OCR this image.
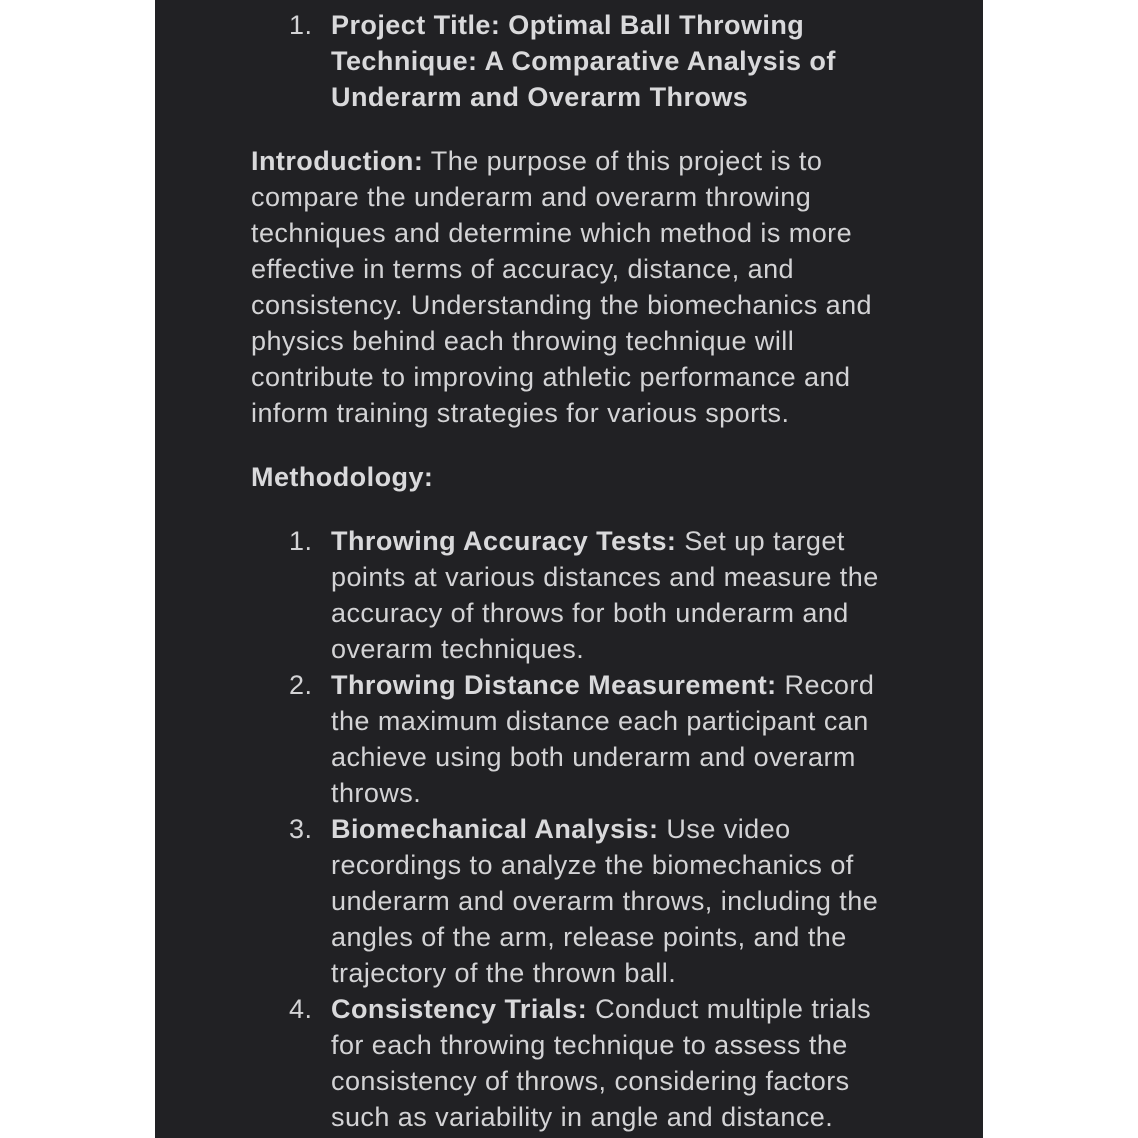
1. Project Title: Optimal Ball Throwing Technique: A Comparative Analysis of Underarm and Overarm Throws

Introduction: The purpose of this project is to compare the underarm and overarm throwing techniques and determine which method is more effective in terms of accuracy, distance, and consistency. Understanding the biomechanics and physics behind each throwing technique will contribute to improving athletic performance and inform training strategies for various sports.

Methodology:

1. Throwing Accuracy Tests: Set up target points at various distances and measure the accuracy of throws for both underarm and overarm techniques.
2. Throwing Distance Measurement: Record the maximum distance each participant can achieve using both underarm and overarm throws.
3. Biomechanical Analysis: Use video recordings to analyze the biomechanics of underarm and overarm throws, including the angles of the arm, release points, and the trajectory of the thrown ball.
4. Consistency Trials: Conduct multiple trials for each throwing technique to assess the consistency of throws, considering factors such as variability in angle and distance.
